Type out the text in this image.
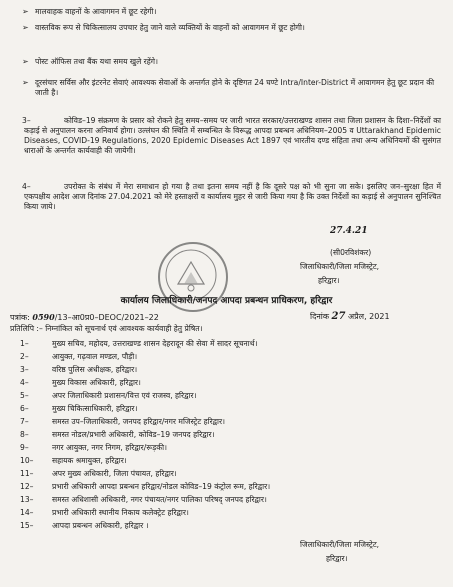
➢ मालवाहक वाहनों के आवागमन में छूट रहेगी।
➢ वास्तविक रूप से चिकित्सालय उपचार हेतु जाने वाले व्यक्तियों के वाहनों को आवागमन में छूट होगी।
➢ पोस्ट ऑफिस तथा बैंक यथा समय खुले रहेंगे।
➢ दूरसंचार सर्विस और इंटरनेट सेवाएं आवश्यक सेवाओं के अन्तर्गत होने के दृष्टिगत 24 घण्टे Intra/Inter-District में आवागमन हेतु छूट प्रदान की जाती है।
3–	कोविड–19 संक्रमण के प्रसार को रोकने हेतु समय–समय पर जारी भारत सरकार/उत्तराखण्ड शासन तथा जिला प्रशासन के दिशा–निर्देशों का कड़ाई से अनुपालन करना अनिवार्य होगा। उल्लंघन की स्थिति में सम्बन्धित के विरूद्ध आपदा प्रबन्धन अधिनियम–2005 व Uttarakhand Epidemic Diseases, COVID-19 Regulations, 2020 Epidemic Diseases Act 1897 एवं भारतीय दण्ड संहिता तथा अन्य अधिनियमों की सुसंगत धाराओं के अन्तर्गत कार्यवाही की जायेगी।
4–	उपरोक्त के संबंध में मेरा समाधान हो गया है तथा इतना समय नहीं है कि दूसरे पक्ष को भी सुना जा सके। इसलिए जन–सुरक्षा हित में एकपक्षीय आदेश आज दिनांक 27.04.2021 को मेरे हस्ताक्षरों व कार्यालय मुहर से जारी किया गया है कि उक्त निर्देशों का कड़ाई से अनुपालन सुनिश्चित किया जाये।
27.4.21
(सी0रविशंकर)
जिलाधिकारी/जिला मजिस्ट्रेट,
हरिद्वार।
कार्यालय जिलाधिकारी/जनपद आपदा प्रबन्धन प्राधिकरण, हरिद्वार
पत्रांक: 0590/13–आ0प्र0–DEOC/2021–22	दिनांक 27 अप्रैल, 2021
प्रतिलिपि :– निम्नांकित को सूचनार्थ एवं आवश्यक कार्यवाही हेतु प्रेषित।
1–	मुख्य सचिव, महोदय, उत्तराखण्ड शासन देहरादून की सेवा में सादर सूचनार्थ।
2–	आयुक्त, गढ़वाल मण्डल, पौड़ी।
3–	वरिष्ठ पुलिस अधीक्षक, हरिद्वार।
4–	मुख्य विकास अधिकारी, हरिद्वार।
5–	अपर जिलाधिकारी प्रशासन/वित्त एवं राजस्व, हरिद्वार।
6–	मुख्य चिकित्साधिकारी, हरिद्वार।
7–	समस्त उप–जिलाधिकारी, जनपद हरिद्वार/नगर मजिस्ट्रेट हरिद्वार।
8–	समस्त नोडल/प्रभारी अधिकारी, कोविड–19 जनपद हरिद्वार।
9–	नगर आयुक्त, नगर निगम, हरिद्वार/रूड़की।
10–	सहायक श्रमायुक्त, हरिद्वार।
11–	अपर मुख्य अधिकारी, जिला पंचायत, हरिद्वार।
12–	प्रभारी अधिकारी आपदा प्रबन्धन हरिद्वार/नोडल कोविड–19 कंट्रोल रूम, हरिद्वार।
13–	समस्त अधिशासी अधिकारी, नगर पंचायत/नगर पालिका परिषद् जनपद हरिद्वार।
14–	प्रभारी अधिकारी स्थानीय निकाय कलेक्ट्रेट हरिद्वार।
15–	आपदा प्रबन्धन अधिकारी, हरिद्वार ।
जिलाधिकारी/जिला मजिस्ट्रेट,
हरिद्वार।
